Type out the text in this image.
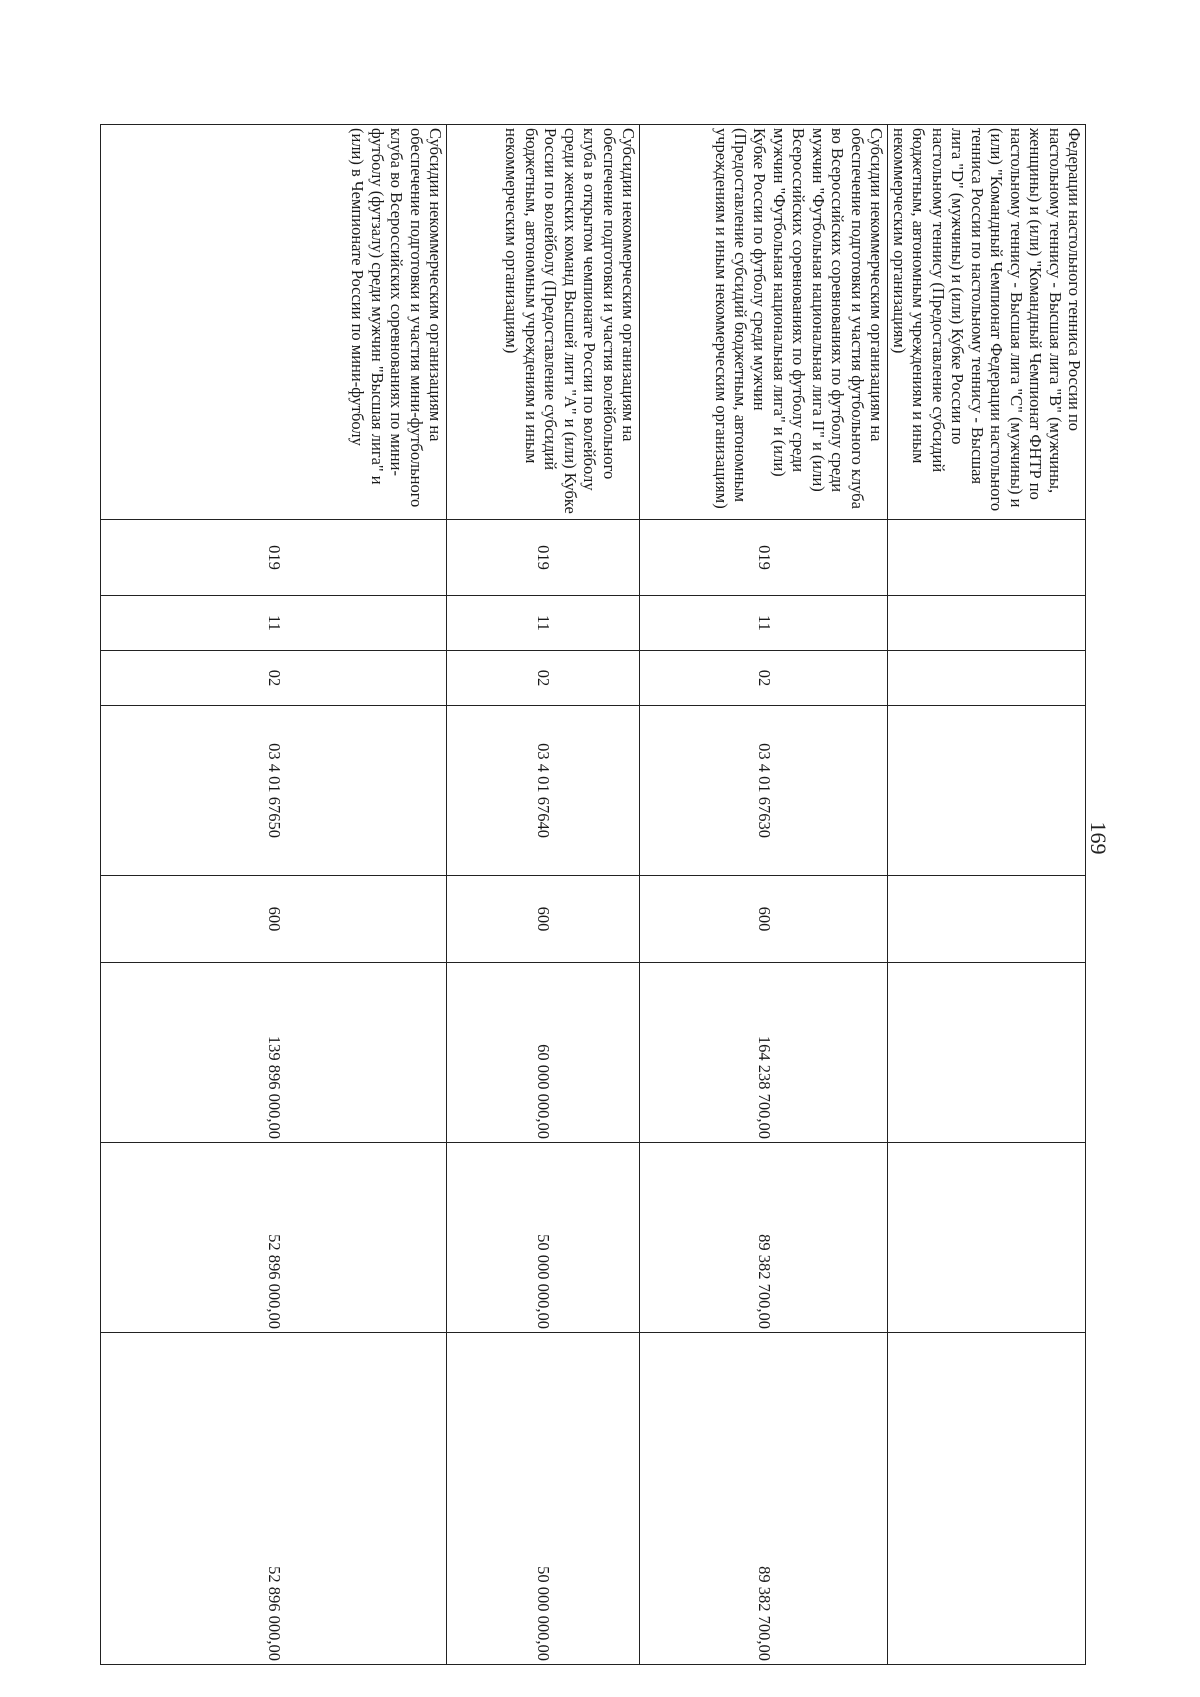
169
Федерации настольного тенниса России по настольному теннису - Высшая лига "В" (мужчины, женщины) и (или) "Командный Чемпионат ФНТР по настольному теннису - Высшая лига "С" (мужчины) и (или) "Командный Чемпионат Федерации настольного тенниса России по настольному теннису - Высшая лига "D" (мужчины) и (или) Кубке России по настольному теннису (Предоставление субсидий бюджетным, автономным учреждениям и иным некоммерческим организациям)								
Субсидии некоммерческим организациям на обеспечение подготовки и участия футбольного клуба во Всероссийских соревнованиях по футболу среди мужчин "Футбольная национальная лига II" и (или) Всероссийских соревнованиях по футболу среди мужчин "Футбольная национальная лига" и (или) Кубке России по футболу среди мужчин (Предоставление субсидий бюджетным, автономным учреждениям и иным некоммерческим организациям)	019	11	02	03 4 01 67630	600	164 238 700,00	89 382 700,00	89 382 700,00
Субсидии некоммерческим организациям на обеспечение подготовки и участия волейбольного клуба в открытом чемпионате России по волейболу среди женских команд Высшей лиги "А" и (или) Кубке России по волейболу (Предоставление субсидий бюджетным, автономным учреждениям и иным некоммерческим организациям)	019	11	02	03 4 01 67640	600	60 000 000,00	50 000 000,00	50 000 000,00
Субсидии некоммерческим организациям на обеспечение подготовки и участия мини-футбольного клуба во Всероссийских соревнованиях по мини-футболу (футзалу) среди мужчин "Высшая лига" и (или) в Чемпионате России по мини-футболу	019	11	02	03 4 01 67650	600	139 896 000,00	52 896 000,00	52 896 000,00
